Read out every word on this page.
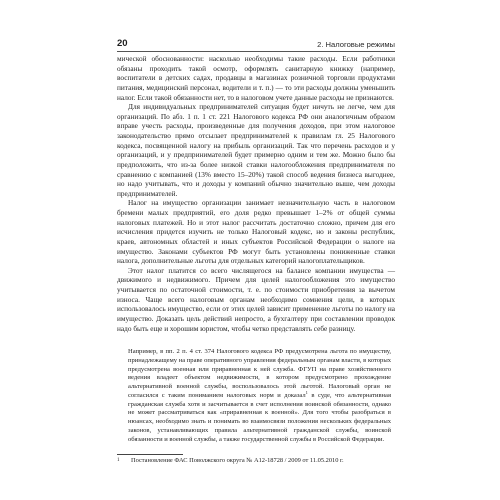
20	2. Налоговые режимы

мической обоснованности: насколько необходимы такие расходы. Если работники обязаны проходить такой осмотр, оформлять санитарную книжку (например, воспитатели в детских садах, продавцы в магазинах розничной торговли продуктами питания, медицинский персонал, водители и т. п.) — то эти расходы должны уменьшить налог. Если такой обязанности нет, то в налоговом учете данные расходы не признаются.

Для индивидуальных предпринимателей ситуация будет ничуть не легче, чем для организаций. По абз. 1 п. 1 ст. 221 Налогового кодекса РФ они аналогичным образом вправе учесть расходы, произведенные для получения доходов, при этом налоговое законодательство прямо отсылает предпринимателей к правилам гл. 25 Налогового кодекса, посвященной налогу на прибыль организаций. Так что перечень расходов и у организаций, и у предпринимателей будет примерно одним и тем же. Можно было бы предположить, что из-за более низкой ставки налогообложения предпринимателя по сравнению с компанией (13% вместо 15–20%) такой способ ведения бизнеса выгоднее, но надо учитывать, что и доходы у компаний обычно значительно выше, чем доходы предпринимателей.

Налог на имущество организации занимает незначительную часть в налоговом бремени малых предприятий, его доля редко превышает 1–2% от общей суммы налоговых платежей. Но и этот налог рассчитать достаточно сложно, причем для его исчисления придется изучить не только Налоговый кодекс, но и законы республик, краев, автономных областей и иных субъектов Российской Федерации о налоге на имущество. Законами субъектов РФ могут быть установлены пониженные ставки налога, дополнительные льготы для отдельных категорий налогоплательщиков.

Этот налог платится со всего числящегося на балансе компании имущества — движимого и недвижимого. Причем для целей налогообложения это имущество учитывается по остаточной стоимости, т. е. по стоимости приобретения за вычетом износа. Чаще всего налоговым органам необходимо сомнения цели, в которых использовалось имущество, если от этих целей зависит применение льготы по налогу на имущество. Доказать цель действий непросто, а бухгалтеру при составлении проводок надо быть еще и хорошим юристом, чтобы четко представлять себе разницу.

Например, в пп. 2 п. 4 ст. 374 Налогового кодекса РФ предусмотрена льгота по имуществу, принадлежащему на праве оперативного управления федеральным органам власти, в которых предусмотрена военная или приравненная к ней служба. ФГУП на праве хозяйственного ведения владеет объектом недвижимости, в котором предусмотрено прохождение альтернативной военной службы, воспользовалось этой льготой. Налоговый орган не согласился с таким пониманием налоговых норм и доказал$^1$ в суде, что альтернативная гражданская служба хотя и засчитывается в счет исполнения воинской обязанности, однако не может рассматриваться как «приравненная к военной». Для того чтобы разобраться в нюансах, необходимо знать и понимать во взаимосвязи положения нескольких федеральных законов, устанавливающих правила альтернативной гражданской службы, воинской обязанности и военной службы, а также государственной службы в Российской Федерации.

1 Постановление ФАС Поволжского округа № А12-18728 / 2009 от 11.05.2010 г.
